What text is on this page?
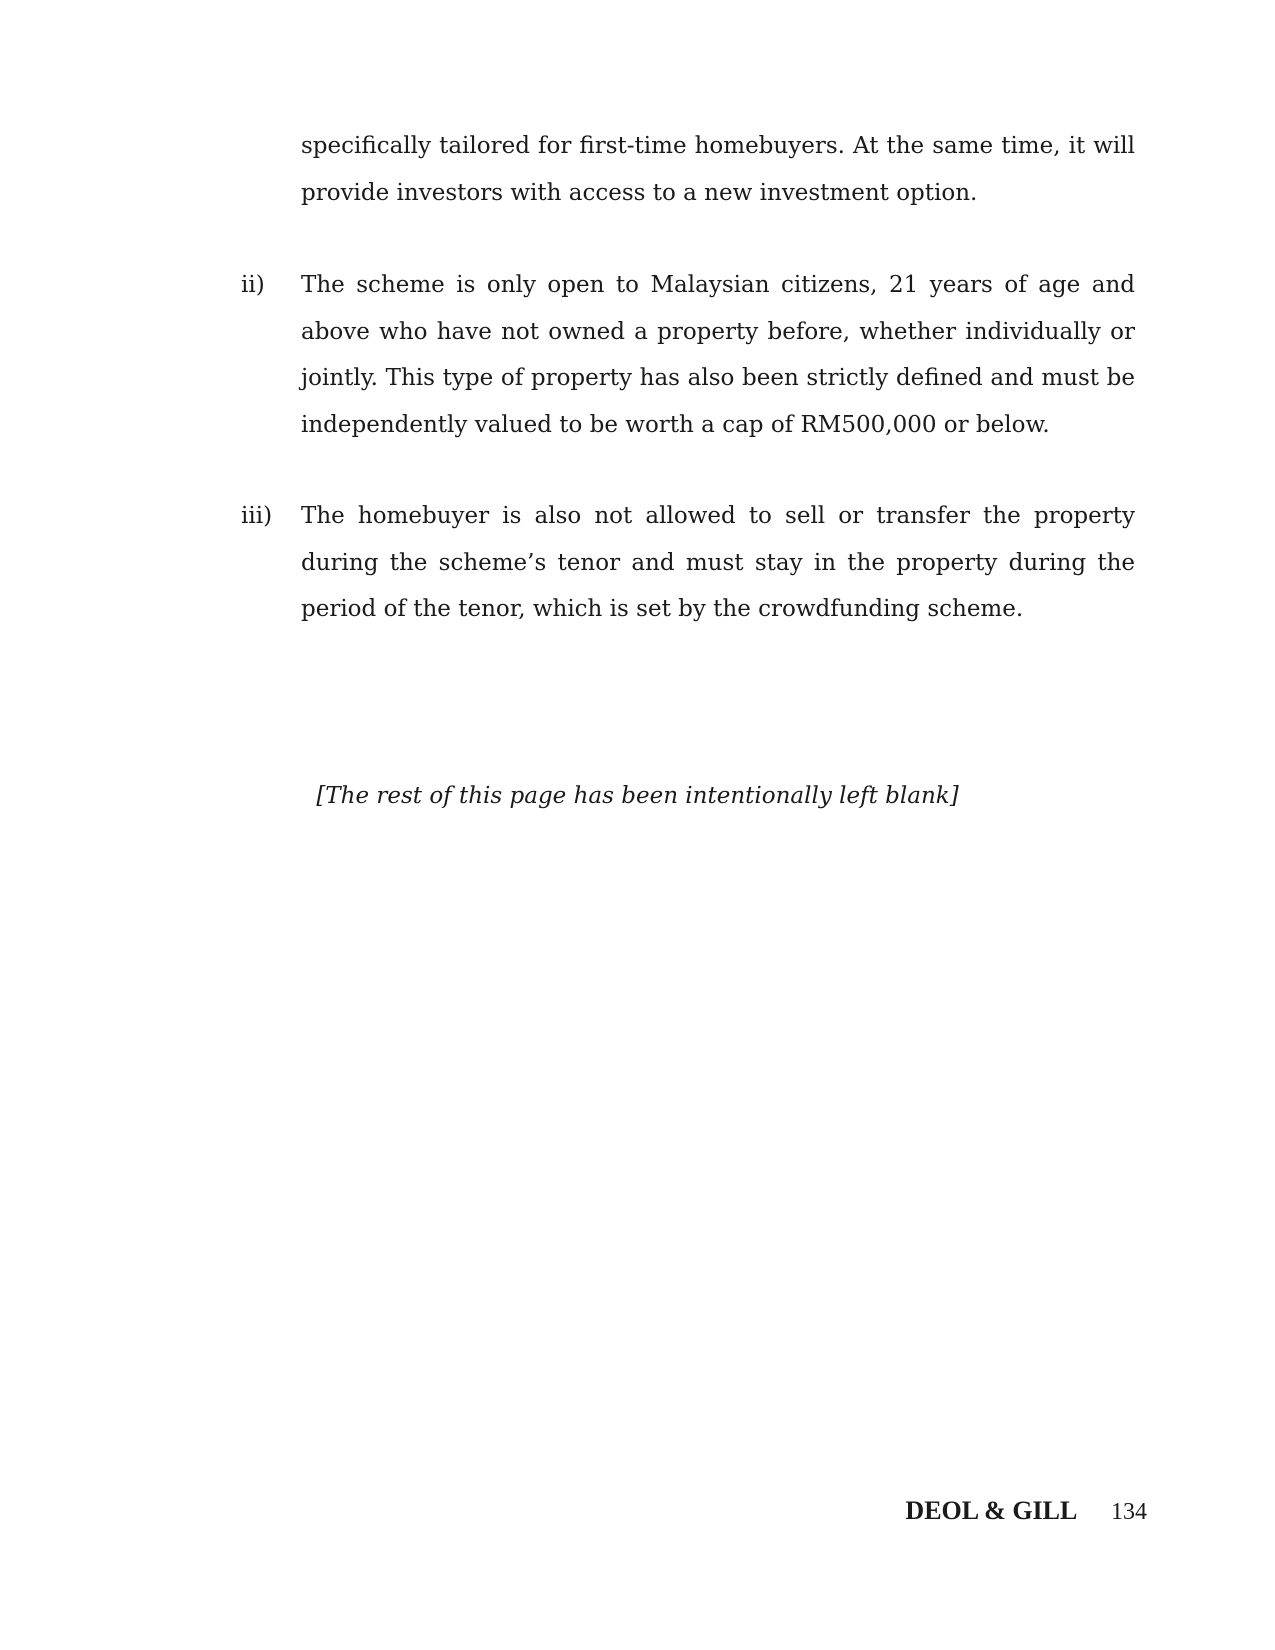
specifically tailored for first-time homebuyers. At the same time, it will provide investors with access to a new investment option.

ii) The scheme is only open to Malaysian citizens, 21 years of age and above who have not owned a property before, whether individually or jointly. This type of property has also been strictly defined and must be independently valued to be worth a cap of RM500,000 or below.

iii) The homebuyer is also not allowed to sell or transfer the property during the scheme’s tenor and must stay in the property during the period of the tenor, which is set by the crowdfunding scheme.

[The rest of this page has been intentionally left blank]

DEOL & GILL 134
